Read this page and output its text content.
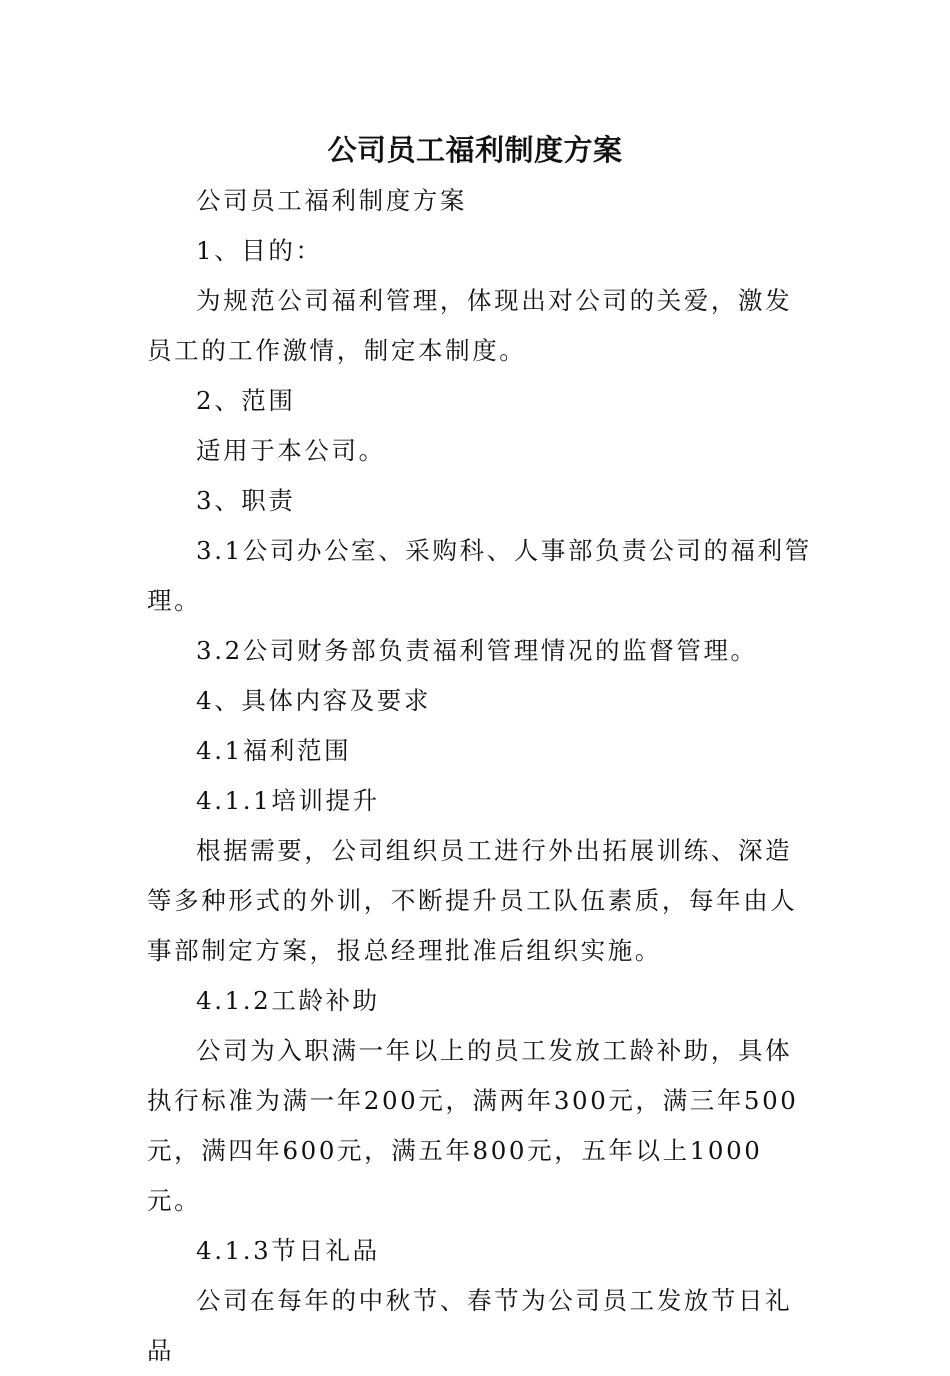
公司员工福利制度方案

公司员工福利制度方案

1、目的：

为规范公司福利管理，体现出对公司的关爱，激发员工的工作激情，制定本制度。

2、范围

适用于本公司。

3、职责

3.1公司办公室、采购科、人事部负责公司的福利管理。

3.2公司财务部负责福利管理情况的监督管理。

4、具体内容及要求

4.1福利范围

4.1.1培训提升

根据需要，公司组织员工进行外出拓展训练、深造等多种形式的外训，不断提升员工队伍素质，每年由人事部制定方案，报总经理批准后组织实施。

4.1.2工龄补助

公司为入职满一年以上的员工发放工龄补助，具体执行标准为满一年200元，满两年300元，满三年500元，满四年600元，满五年800元，五年以上1000元。

4.1.3节日礼品

公司在每年的中秋节、春节为公司员工发放节日礼品
